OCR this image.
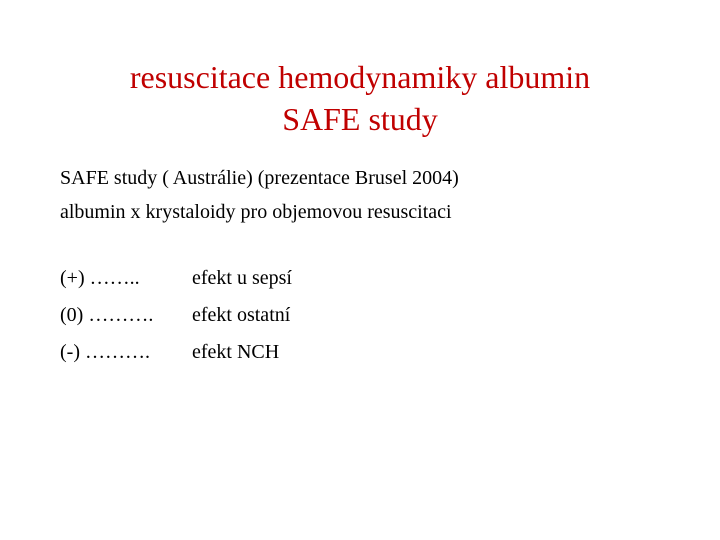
resuscitace hemodynamiky albumin
SAFE study
SAFE study ( Austrálie) (prezentace Brusel 2004)
albumin x krystaloidy pro objemovou resuscitaci
(+) ……..	efekt u sepsí
(0) ……….efekt ostatní
(-) ……….efekt NCH
